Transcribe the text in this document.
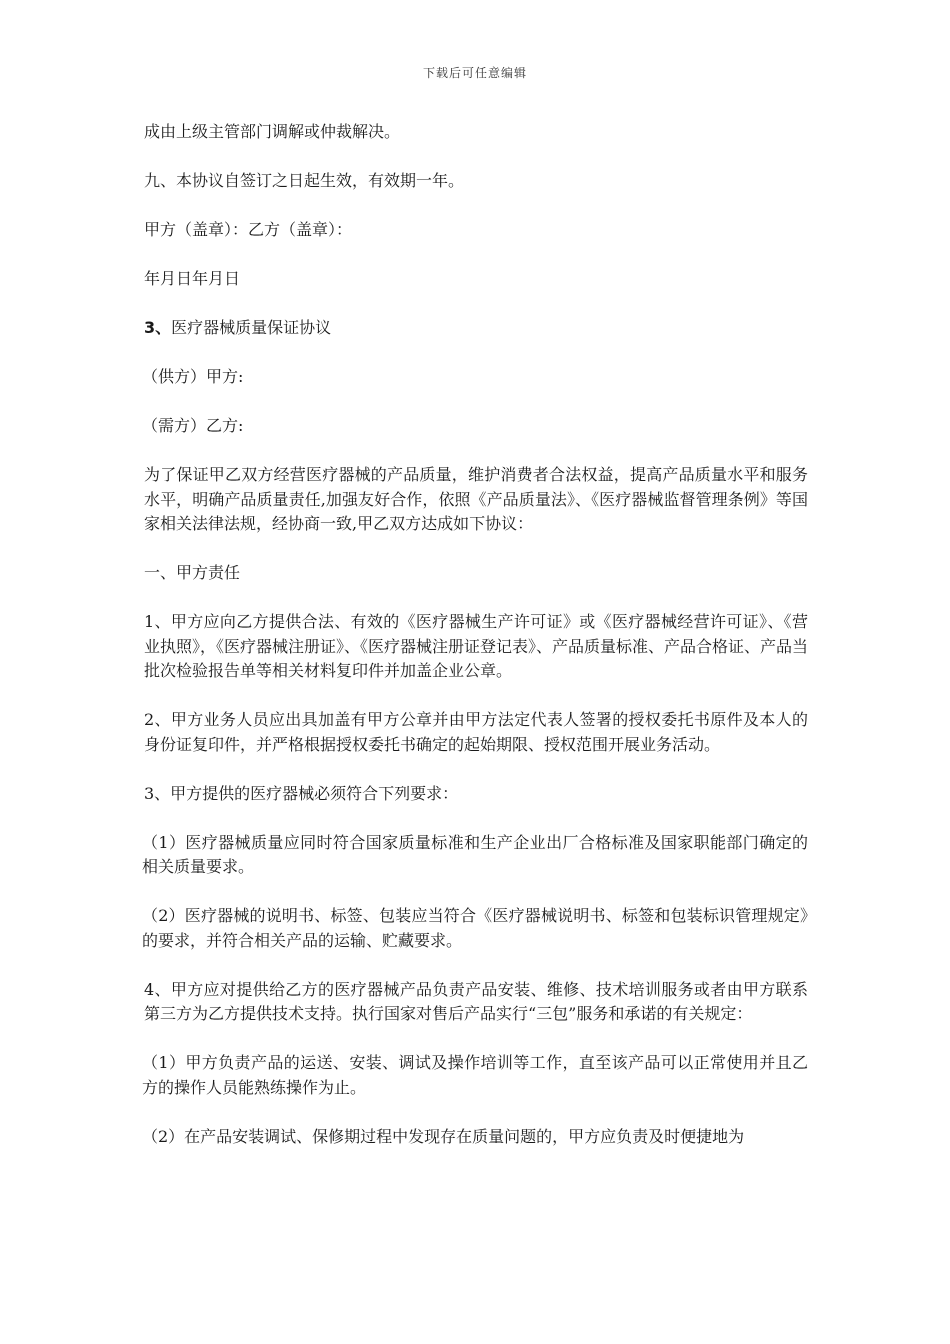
下载后可任意编辑

成由上级主管部门调解或仲裁解决。

九、本协议自签订之日起生效，有效期一年。

甲方（盖章）：乙方（盖章）：

年月日年月日

3、医疗器械质量保证协议

（供方）甲方:

（需方）乙方:

为了保证甲乙双方经营医疗器械的产品质量，维护消费者合法权益，提高产品质量水平和服务水平，明确产品质量责任,加强友好合作，依照《产品质量法》、《医疗器械监督管理条例》等国家相关法律法规，经协商一致,甲乙双方达成如下协议：

一、甲方责任

1、甲方应向乙方提供合法、有效的《医疗器械生产许可证》或《医疗器械经营许可证》、《营业执照》，《医疗器械注册证》、《医疗器械注册证登记表》、产品质量标准、产品合格证、产品当批次检验报告单等相关材料复印件并加盖企业公章。

2、甲方业务人员应出具加盖有甲方公章并由甲方法定代表人签署的授权委托书原件及本人的身份证复印件，并严格根据授权委托书确定的起始期限、授权范围开展业务活动。

3、甲方提供的医疗器械必须符合下列要求：

（1）医疗器械质量应同时符合国家质量标准和生产企业出厂合格标准及国家职能部门确定的相关质量要求。

（2）医疗器械的说明书、标签、包装应当符合《医疗器械说明书、标签和包装标识管理规定》的要求，并符合相关产品的运输、贮藏要求。

4、甲方应对提供给乙方的医疗器械产品负责产品安装、维修、技术培训服务或者由甲方联系第三方为乙方提供技术支持。执行国家对售后产品实行“三包”服务和承诺的有关规定：

（1）甲方负责产品的运送、安装、调试及操作培训等工作，直至该产品可以正常使用并且乙方的操作人员能熟练操作为止。

（2）在产品安装调试、保修期过程中发现存在质量问题的，甲方应负责及时便捷地为
